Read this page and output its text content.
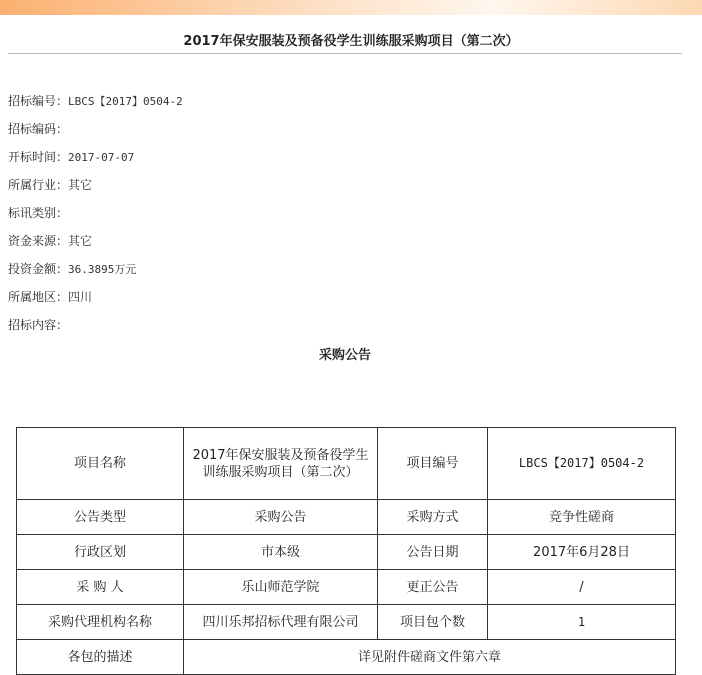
2017年保安服装及预备役学生训练服采购项目（第二次）
招标编号：LBCS【2017】0504-2
招标编码：
开标时间：2017-07-07
所属行业：其它
标讯类别：
资金来源：其它
投资金额：36.3895万元
所属地区：四川
招标内容：
采购公告
项目名称	2017年保安服装及预备役学生训练服采购项目（第二次）	项目编号	LBCS【2017】0504-2
公告类型	采购公告	采购方式	竞争性磋商
行政区划	市本级	公告日期	2017年6月28日
采 购 人	乐山师范学院	更正公告	/
采购代理机构名称	四川乐邦招标代理有限公司	项目包个数	1
各包的描述	详见附件磋商文件第六章		
